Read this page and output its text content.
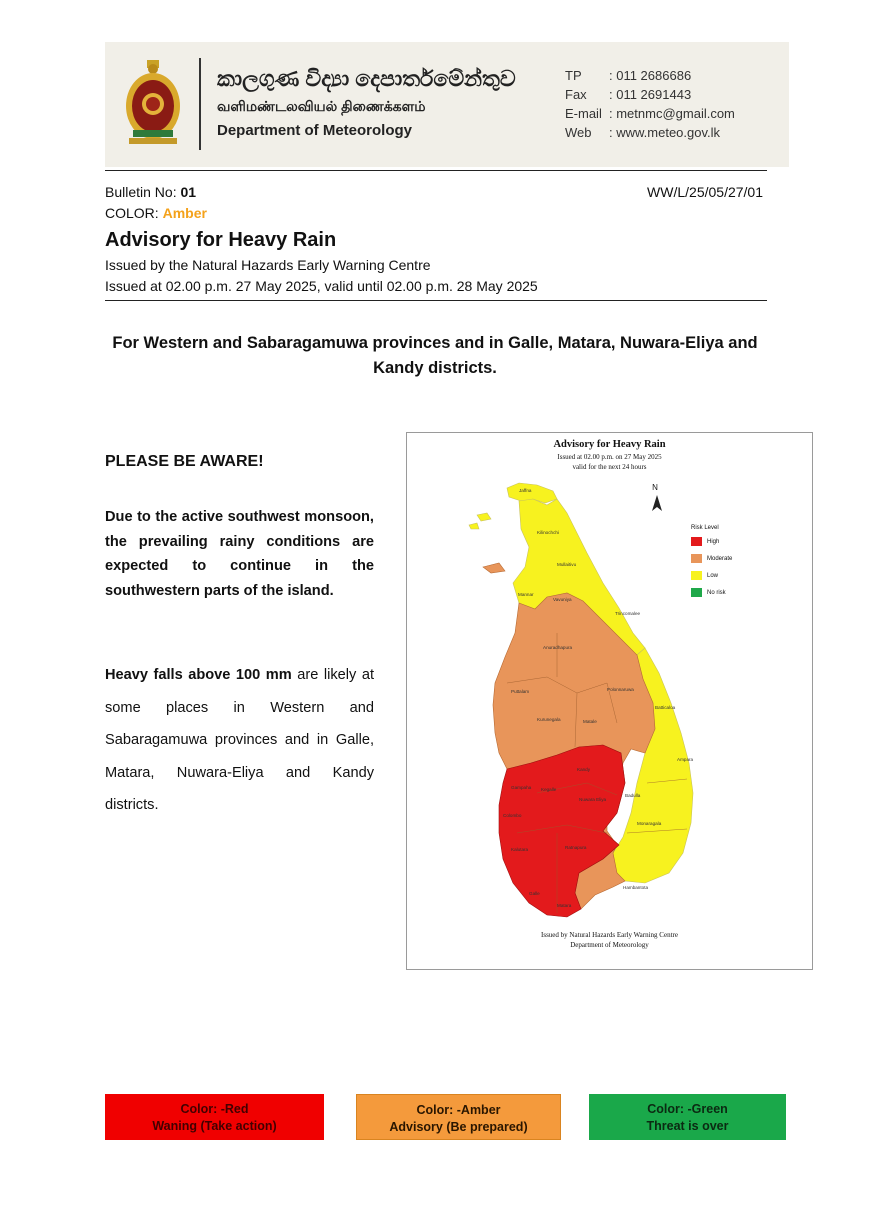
කාලගුණ විද්‍යා දෙපාර්තමේන්තුව
வளிமண்டலவியல் திணைக்களம்
Department of Meteorology
TP : 011 2686686
Fax : 011 2691443
E-mail : metnmc@gmail.com
Web : www.meteo.gov.lk
Bulletin No: 01
COLOR: Amber
WW/L/25/05/27/01
Advisory for Heavy Rain
Issued by the Natural Hazards Early Warning Centre
Issued at 02.00 p.m. 27 May 2025, valid until 02.00 p.m. 28 May 2025
For Western and Sabaragamuwa provinces and in Galle, Matara, Nuwara-Eliya and Kandy districts.
PLEASE BE AWARE!
Due to the active southwest monsoon, the prevailing rainy conditions are expected to continue in the southwestern parts of the island.
Heavy falls above 100 mm are likely at some places in Western and Sabaragamuwa provinces and in Galle, Matara, Nuwara-Eliya and Kandy districts.
Advisory for Heavy Rain
Issued at 02.00 p.m. on 27 May 2025
valid for the next 24 hours
Jaffna
Kilinochchi
Mullaitivu
Mannar
Vavuniya
Trincomalee
Anuradhapura
Puttalam	Polonnaruwa
Batticaloa
Kurunegala	Matale
Ampara
Kandy
Gampaha Kegalle
Nuwara Eliya
Badulla
Colombo
Kalutara	Ratnapura
Monaragala
Galle
Matara
Hambantota
N
Risk Level
High
Moderate
Low
No risk
Issued by Natural Hazards Early Warning Centre
Department of Meteorology
Color: -Red
Waning (Take action)
Color: -Amber
Advisory (Be prepared)
Color: -Green
Threat is over
